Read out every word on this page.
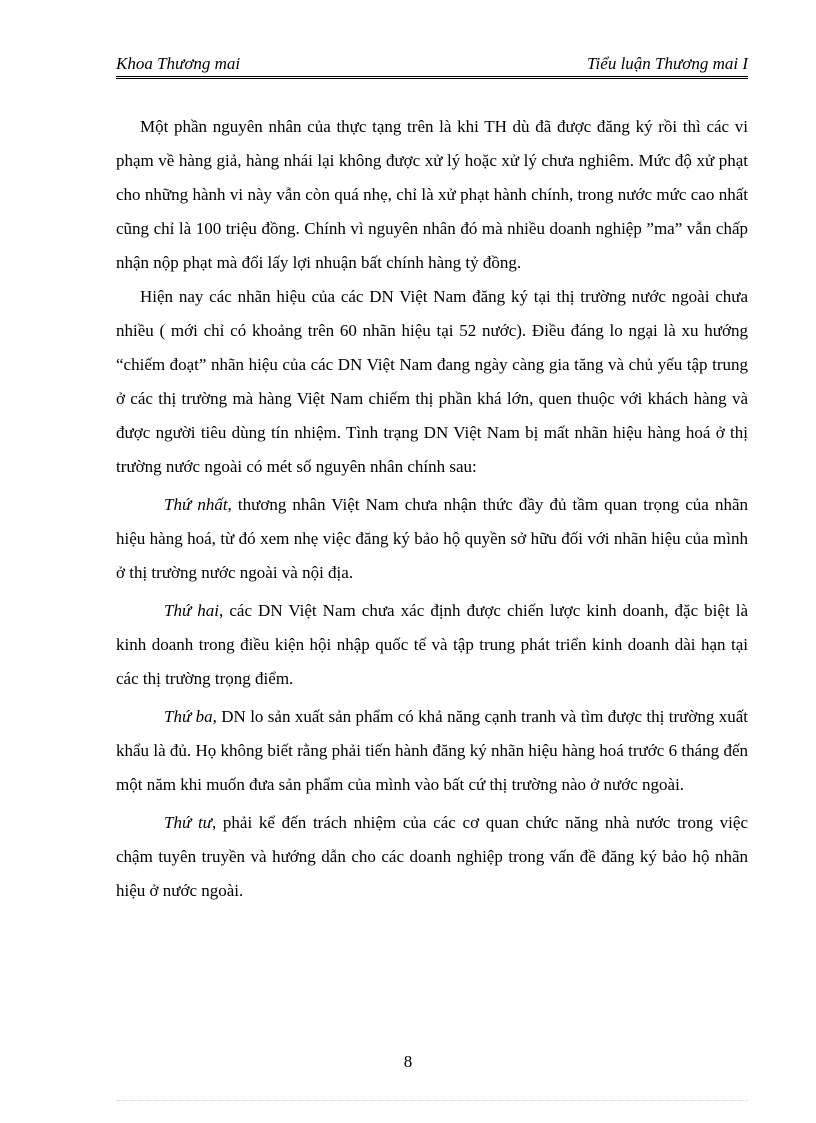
Khoa Thương mai	Tiểu luận Thương mai I

Một phần nguyên nhân của thực tạng trên là khi TH dù đã được đăng ký rồi thì các vi phạm về hàng giả, hàng nhái lại không được xử lý hoặc xử lý chưa nghiêm. Mức độ xử phạt cho những hành vi này vẫn còn quá nhẹ, chỉ là xử phạt hành chính, trong nước mức cao nhất cũng chỉ là 100 triệu đồng. Chính vì nguyên nhân đó mà nhiều doanh nghiệp ”ma” vẫn chấp nhận nộp phạt mà đổi lấy lợi nhuận bất chính hàng tỷ đồng.

Hiện nay các nhãn hiệu của các DN Việt Nam đăng ký tại thị trường nước ngoài chưa nhiều ( mới chỉ có khoảng trên 60 nhãn hiệu tại 52 nước). Điều đáng lo ngại là xu hướng “chiếm đoạt” nhãn hiệu của các DN Việt Nam đang ngày càng gia tăng và chủ yếu tập trung ở các thị trường mà hàng Việt Nam chiếm thị phần khá lớn, quen thuộc với khách hàng và được người tiêu dùng tín nhiệm. Tình trạng DN Việt Nam bị mất nhãn hiệu hàng hoá ở thị trường nước ngoài có mét số nguyên nhân chính sau:

Thứ nhất, thương nhân Việt Nam chưa nhận thức đầy đủ tầm quan trọng của nhãn hiệu hàng hoá, từ đó xem nhẹ việc đăng ký bảo hộ quyền sở hữu đối với nhãn hiệu của mình ở thị trường nước ngoài và nội địa.

Thứ hai, các DN Việt Nam chưa xác định được chiến lược kinh doanh, đặc biệt là kinh doanh trong điều kiện hội nhập quốc tế và tập trung phát triển kinh doanh dài hạn tại các thị trường trọng điểm.

Thứ ba, DN lo sản xuất sản phẩm có khả năng cạnh tranh và tìm được thị trường xuất khẩu là đủ. Họ không biết rằng phải tiến hành đăng ký nhãn hiệu hàng hoá trước 6 tháng đến một năm khi muốn đưa sản phẩm của mình vào bất cứ thị trường nào ở nước ngoài.

Thứ tư, phải kể đến trách nhiệm của các cơ quan chức năng nhà nước trong việc chậm tuyên truyền và hướng dẫn cho các doanh nghiệp trong vấn đề đăng ký bảo hộ nhãn hiệu ở nước ngoài.

8
